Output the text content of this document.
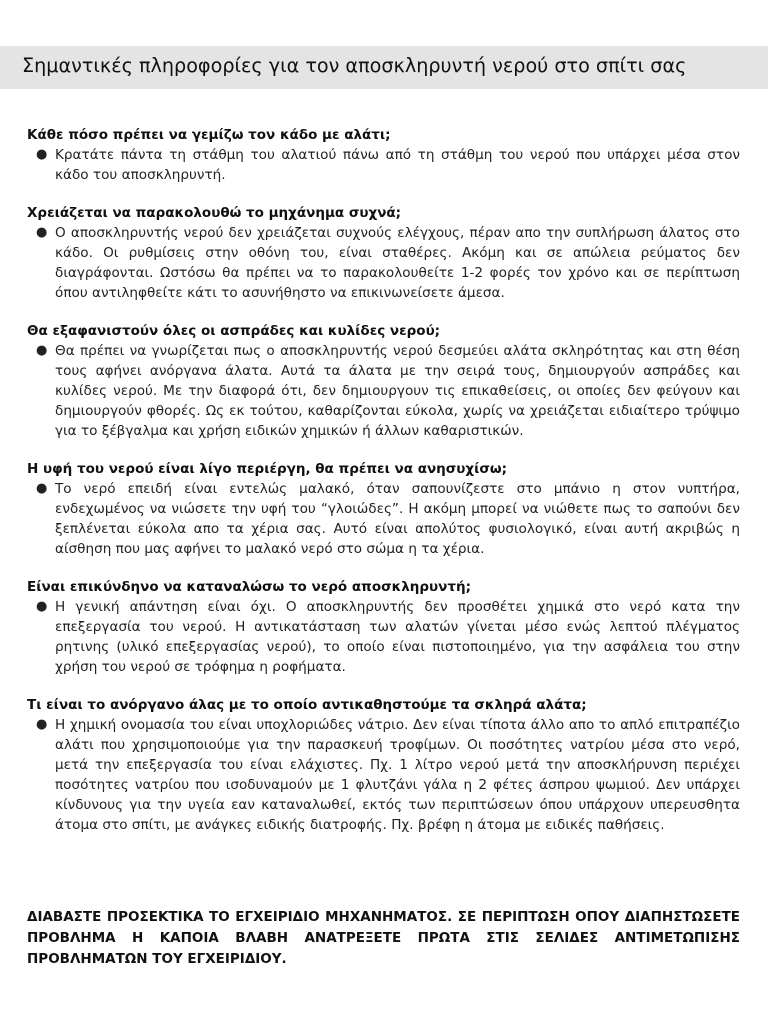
Σημαντικές πληροφορίες για τον αποσκληρυντή νερού στο σπίτι σας

Κάθε πόσο πρέπει να γεμίζω τον κάδο με αλάτι;

● Κρατάτε πάντα τη στάθμη του αλατιού πάνω από τη στάθμη του νερού που υπάρχει μέσα στον κάδο του αποσκληρυντή.

Χρειάζεται να παρακολουθώ το μηχάνημα συχνά;

● Ο αποσκληρυντής νερού δεν χρειάζεται συχνούς ελέγχους, πέραν απο την συπλήρωση άλατος στο κάδο. Οι ρυθμίσεις στην οθόνη του, είναι σταθέρες. Ακόμη και σε απώλεια ρεύματος δεν διαγράφονται. Ωστόσω θα πρέπει να το παρακολουθείτε 1-2 φορές τον χρόνο και σε περίπτωση όπου αντιληφθείτε κάτι το ασυνήθηστο να επικινωνείσετε άμεσα.

Θα εξαφανιστούν όλες οι ασπράδες και κυλίδες νερού;

● Θα πρέπει να γνωρίζεται πως ο αποσκληρυντής νερού δεσμεύει αλάτα σκληρότητας και στη θέση τους αφήνει ανόργανα άλατα. Αυτά τα άλατα με την σειρά τους, δημιουργούν ασπράδες και κυλίδες νερού. Με την διαφορά ότι, δεν δημιουργουν τις επικαθείσεις, οι οποίες δεν φεύγουν και δημιουργούν φθορές. Ως εκ τούτου, καθαρίζονται εύκολα, χωρίς να χρειάζεται ειδιαίτερο τρύψιμο για το ξέβγαλμα και χρήση ειδικών χημικών ή άλλων καθαριστικών.

Η υφή του νερού είναι λίγο περιέργη, θα πρέπει να ανησυχίσω;

● Το νερό επειδή είναι εντελώς μαλακό, όταν σαπουνίζεστε στο μπάνιο η στον νυπτήρα, ενδεχωμένος να νιώσετε την υφή του “γλοιώδες”. Η ακόμη μπορεί να νιώθετε πως το σαπούνι δεν ξεπλένεται εύκολα απο τα χέρια σας. Αυτό είναι απολύτος φυσιολογικό, είναι αυτή ακριβώς η αίσθηση που μας αφήνει το μαλακό νερό στο σώμα η τα χέρια.

Είναι επικύνδηνο να καταναλώσω το νερό αποσκληρυντή;

● Η γενική απάντηση είναι όχι. Ο αποσκληρυντής δεν προσθέτει χημικά στο νερό κατα την επεξεργασία του νερού. Η αντικατάσταση των αλατών γίνεται μέσο ενώς λεπτού πλέγματος ρητινης (υλικό επεξεργασίας νερού), το οποίο είναι πιστοποιημένο, για την ασφάλεια του στην χρήση του νερού σε τρόφημα η ροφήματα.

Τι είναι το ανόργανο άλας με το οποίο αντικαθηστούμε τα σκληρά αλάτα;

● Η χημική ονομασία του είναι υποχλοριώδες νάτριο. Δεν είναι τίποτα άλλο απο το απλό επιτραπέζιο αλάτι που χρησιμοποιούμε για την παρασκευή τροφίμων. Οι ποσότητες νατρίου μέσα στο νερό, μετά την επεξεργασία του είναι ελάχιστες. Πχ. 1 λίτρο νερού μετά την αποσκλήρυνση περιέχει ποσότητες νατρίου που ισοδυναμούν με 1 φλυτζάνι γάλα η 2 φέτες άσπρου ψωμιού. Δεν υπάρχει κίνδυνους για την υγεία εαν καταναλωθεί, εκτός των περιπτώσεων όπου υπάρχουν υπερευσθητα άτομα στο σπίτι, με ανάγκες ειδικής διατροφής. Πχ. βρέφη η άτομα με ειδικές παθήσεις.

ΔΙΑΒΑΣΤΕ ΠΡΟΣΕΚΤΙΚΑ ΤΟ ΕΓΧΕΙΡΙΔΙΟ ΜΗΧΑΝΗΜΑΤΟΣ. ΣΕ ΠΕΡΙΠΤΩΣΗ ΟΠΟΥ ΔΙΑΠΗΣΤΩΣΕΤΕ ΠΡΟΒΛΗΜΑ Η ΚΑΠΟΙΑ ΒΛΑΒΗ ΑΝΑΤΡΕΞΕΤΕ ΠΡΩΤΑ ΣΤΙΣ ΣΕΛΙΔΕΣ ΑΝΤΙΜΕΤΩΠΙΣΗΣ ΠΡΟΒΛΗΜΑΤΩΝ ΤΟΥ ΕΓΧΕΙΡΙΔΙΟΥ.
